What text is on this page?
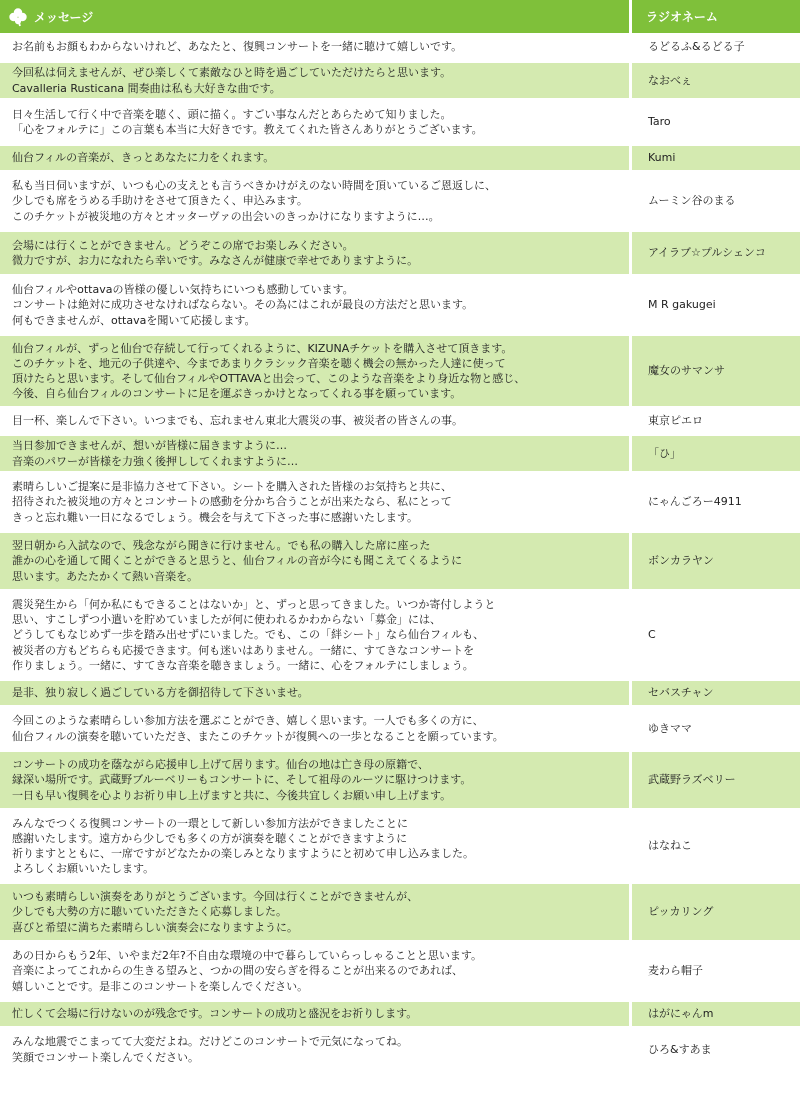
メッセージ	ラジオネーム
お名前もお顔もわからないけれど、あなたと、復興コンサートを一緒に聴けて嬉しいです。	るどるふ&るどる子
今回私は伺えませんが、ぜひ楽しくて素敵なひと時を過ごしていただけたらと思います。
Cavalleria Rusticana 間奏曲は私も大好きな曲です。	なおべぇ
日々生活して行く中で音楽を聴く、頭に描く。すごい事なんだとあらためて知りました。
「心をフォルテに」この言葉も本当に大好きです。教えてくれた皆さんありがとうございます。	Taro
仙台フィルの音楽が、きっとあなたに力をくれます。	Kumi
私も当日伺いますが、いつも心の支えとも言うべきかけがえのない時間を頂いているご恩返しに、
少しでも席をうめる手助けをさせて頂きたく、申込みます。
このチケットが被災地の方々とオッターヴァの出会いのきっかけになりますように…。	ムーミン谷のまる
会場には行くことができません。どうぞこの席でお楽しみください。
微力ですが、お力になれたら幸いです。みなさんが健康で幸せでありますように。	アイラブ☆プルシェンコ
仙台フィルやottavaの皆様の優しい気持ちにいつも感動しています。
コンサートは絶対に成功させなければならない。その為にはこれが最良の方法だと思います。
何もできませんが、ottavaを聞いて応援します。	M R gakugei
仙台フィルが、ずっと仙台で存続して行ってくれるように、KIZUNAチケットを購入させて頂きます。
このチケットを、地元の子供達や、今まであまりクラシック音楽を聴く機会の無かった人達に使って
頂けたらと思います。そして仙台フィルやOTTAVAと出会って、このような音楽をより身近な物と感じ、
今後、自ら仙台フィルのコンサートに足を運ぶきっかけとなってくれる事を願っています。	魔女のサマンサ
目一杯、楽しんで下さい。いつまでも、忘れません東北大震災の事、被災者の皆さんの事。	東京ピエロ
当日参加できませんが、想いが皆様に届きますように…
音楽のパワーが皆様を力強く後押ししてくれますように…	「ひ」
素晴らしいご提案に是非協力させて下さい。シートを購入された皆様のお気持ちと共に、
招待された被災地の方々とコンサートの感動を分かち合うことが出来たなら、私にとって
きっと忘れ難い一日になるでしょう。機会を与えて下さった事に感謝いたします。	にゃんごろー4911
翌日朝から入試なので、残念ながら聞きに行けません。でも私の購入した席に座った
誰かの心を通して聞くことができると思うと、仙台フィルの音が今にも聞こえてくるように
思います。あたたかくて熱い音楽を。	ボンカラヤン
震災発生から「何か私にもできることはないか」と、ずっと思ってきました。いつか寄付しようと
思い、すこしずつ小遣いを貯めていましたが何に使われるかわからない「募金」には、
どうしてもなじめず一歩を踏み出せずにいました。でも、この「絆シート」なら仙台フィルも、
被災者の方もどちらも応援できます。何も迷いはありません。一緒に、すてきなコンサートを
作りましょう。一緒に、すてきな音楽を聴きましょう。一緒に、心をフォルテにしましょう。	C
是非、独り寂しく過ごしている方を御招待して下さいませ。	セバスチャン
今回このような素晴らしい参加方法を選ぶことができ、嬉しく思います。一人でも多くの方に、
仙台フィルの演奏を聴いていただき、またこのチケットが復興への一歩となることを願っています。	ゆきママ
コンサートの成功を蔭ながら応援申し上げて居ります。仙台の地は亡き母の原籍で、
縁深い場所です。武蔵野ブルーベリーもコンサートに、そして祖母のルーツに駆けつけます。
一日も早い復興を心よりお祈り申し上げますと共に、今後共宜しくお願い申し上げます。	武蔵野ラズベリー
みんなでつくる復興コンサートの一環として新しい参加方法ができましたことに
感謝いたします。遠方から少しでも多くの方が演奏を聴くことができますように
祈りますとともに、一席ですがどなたかの楽しみとなりますようにと初めて申し込みました。
よろしくお願いいたします。	はなねこ
いつも素晴らしい演奏をありがとうございます。今回は行くことができませんが、
少しでも大勢の方に聴いていただきたく応募しました。
喜びと希望に満ちた素晴らしい演奏会になりますように。	ピッカリング
あの日からもう2年、いやまだ2年?不自由な環境の中で暮らしていらっしゃることと思います。
音楽によってこれからの生きる望みと、つかの間の安らぎを得ることが出来るのであれば、
嬉しいことです。是非このコンサートを楽しんでください。	麦わら帽子
忙しくて会場に行けないのが残念です。コンサートの成功と盛況をお祈りします。	はがにゃんm
みんな地震でこまってて大変だよね。だけどこのコンサートで元気になってね。
笑顔でコンサート楽しんでください。	ひろ&すあま
